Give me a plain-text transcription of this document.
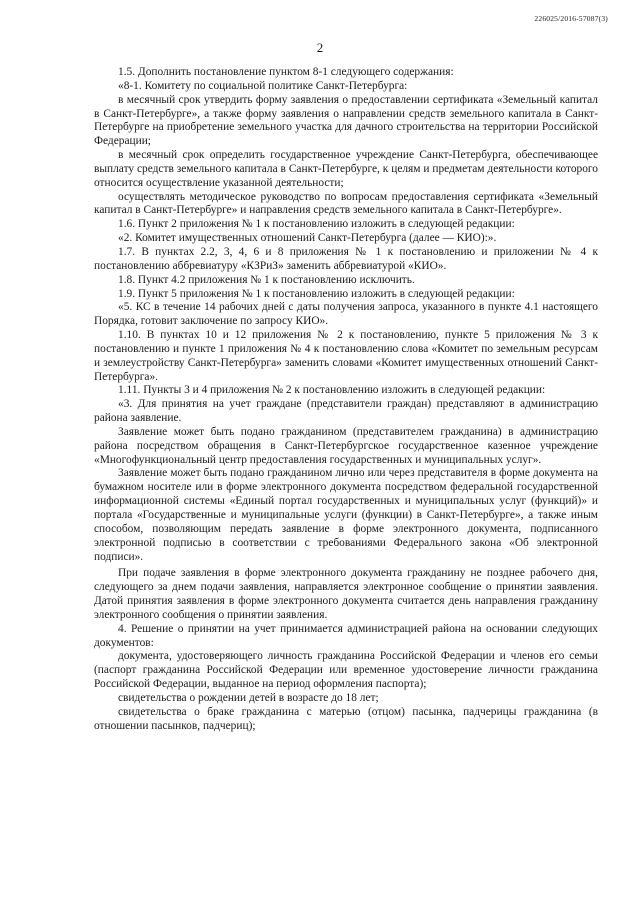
226025/2016-57087(3)
2

1.5. Дополнить постановление пунктом 8-1 следующего содержания:

«8-1. Комитету по социальной политике Санкт-Петербурга:

в месячный срок утвердить форму заявления о предоставлении сертификата «Земельный капитал в Санкт-Петербурге», а также форму заявления о направлении средств земельного капитала в Санкт-Петербурге на приобретение земельного участка для дачного строительства на территории Российской Федерации;

в месячный срок определить государственное учреждение Санкт-Петербурга, обеспечивающее выплату средств земельного капитала в Санкт-Петербурге, к целям и предметам деятельности которого относится осуществление указанной деятельности;

осуществлять методическое руководство по вопросам предоставления сертификата «Земельный капитал в Санкт-Петербурге» и направления средств земельного капитала в Санкт-Петербурге».

1.6. Пункт 2 приложения № 1 к постановлению изложить в следующей редакции:

«2. Комитет имущественных отношений Санкт-Петербурга (далее — КИО):».

1.7. В пунктах 2.2, 3, 4, 6 и 8 приложения № 1 к постановлению и приложении № 4 к постановлению аббревиатуру «КЗРиЗ» заменить аббревиатурой «КИО».

1.8. Пункт 4.2 приложения № 1 к постановлению исключить.

1.9. Пункт 5 приложения № 1 к постановлению изложить в следующей редакции:

«5. КС в течение 14 рабочих дней с даты получения запроса, указанного в пункте 4.1 настоящего Порядка, готовит заключение по запросу КИО».

1.10. В пунктах 10 и 12 приложения № 2 к постановлению, пункте 5 приложения № 3 к постановлению и пункте 1 приложения № 4 к постановлению слова «Комитет по земельным ресурсам и землеустройству Санкт-Петербурга» заменить словами «Комитет имущественных отношений Санкт-Петербурга».

1.11. Пункты 3 и 4 приложения № 2 к постановлению изложить в следующей редакции:

«3. Для принятия на учет граждане (представители граждан) представляют в администрацию района заявление.

Заявление может быть подано гражданином (представителем гражданина) в администрацию района посредством обращения в Санкт-Петербургское государственное казенное учреждение «Многофункциональный центр предоставления государственных и муниципальных услуг».

Заявление может быть подано гражданином лично или через представителя в форме документа на бумажном носителе или в форме электронного документа посредством федеральной государственной информационной системы «Единый портал государственных и муниципальных услуг (функций)» и портала «Государственные и муниципальные услуги (функции) в Санкт-Петербурге», а также иным способом, позволяющим передать заявление в форме электронного документа, подписанного электронной подписью в соответствии с требованиями Федерального закона «Об электронной подписи».

При подаче заявления в форме электронного документа гражданину не позднее рабочего дня, следующего за днем подачи заявления, направляется электронное сообщение о принятии заявления. Датой принятия заявления в форме электронного документа считается день направления гражданину электронного сообщения о принятии заявления.

4. Решение о принятии на учет принимается администрацией района на основании следующих документов:

документа, удостоверяющего личность гражданина Российской Федерации и членов его семьи (паспорт гражданина Российской Федерации или временное удостоверение личности гражданина Российской Федерации, выданное на период оформления паспорта);

свидетельства о рождении детей в возрасте до 18 лет;

свидетельства о браке гражданина с матерью (отцом) пасынка, падчерицы гражданина (в отношении пасынков, падчериц);
